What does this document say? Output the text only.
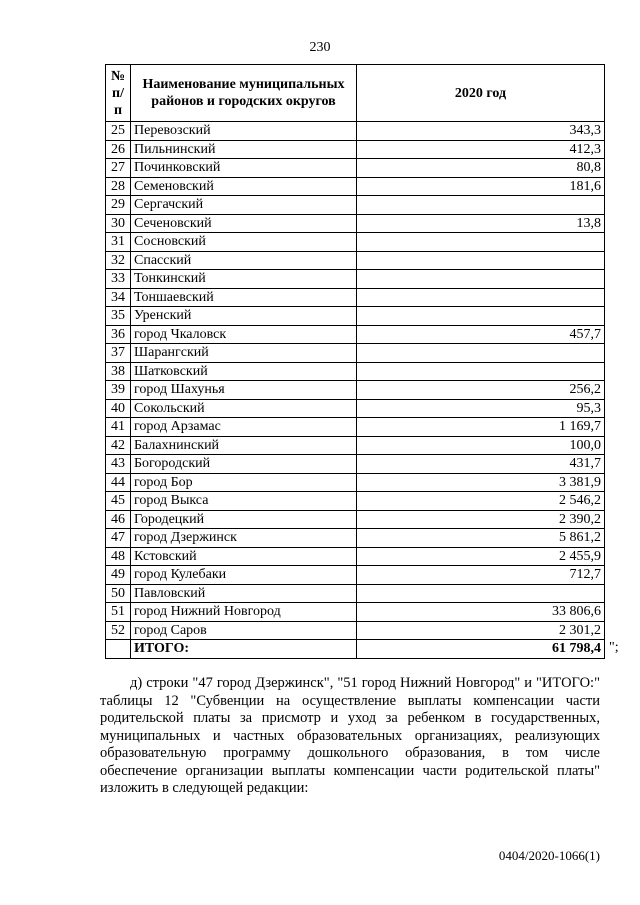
230
№ п/п	Наименование муниципальных районов и городских округов	2020 год
25	Перевозский	343,3
26	Пильнинский	412,3
27	Починковский	80,8
28	Семеновский	181,6
29	Сергачский	
30	Сеченовский	13,8
31	Сосновский	
32	Спасский	
33	Тонкинский	
34	Тоншаевский	
35	Уренский	
36	город Чкаловск	457,7
37	Шарангский	
38	Шатковский	
39	город Шахунья	256,2
40	Сокольский	95,3
41	город Арзамас	1 169,7
42	Балахнинский	100,0
43	Богородский	431,7
44	город Бор	3 381,9
45	город Выкса	2 546,2
46	Городецкий	2 390,2
47	город Дзержинск	5 861,2
48	Кстовский	2 455,9
49	город Кулебаки	712,7
50	Павловский	
51	город Нижний Новгород	33 806,6
52	город Саров	2 301,2
	ИТОГО:	61 798,4 ";

д) строки "47 город Дзержинск", "51 город Нижний Новгород" и "ИТОГО:" таблицы 12 "Субвенции на осуществление выплаты компенсации части родительской платы за присмотр и уход за ребенком в государственных, муниципальных и частных образовательных организациях, реализующих образовательную программу дошкольного образования, в том числе обеспечение организации выплаты компенсации части родительской платы" изложить в следующей редакции:

0404/2020-1066(1)
